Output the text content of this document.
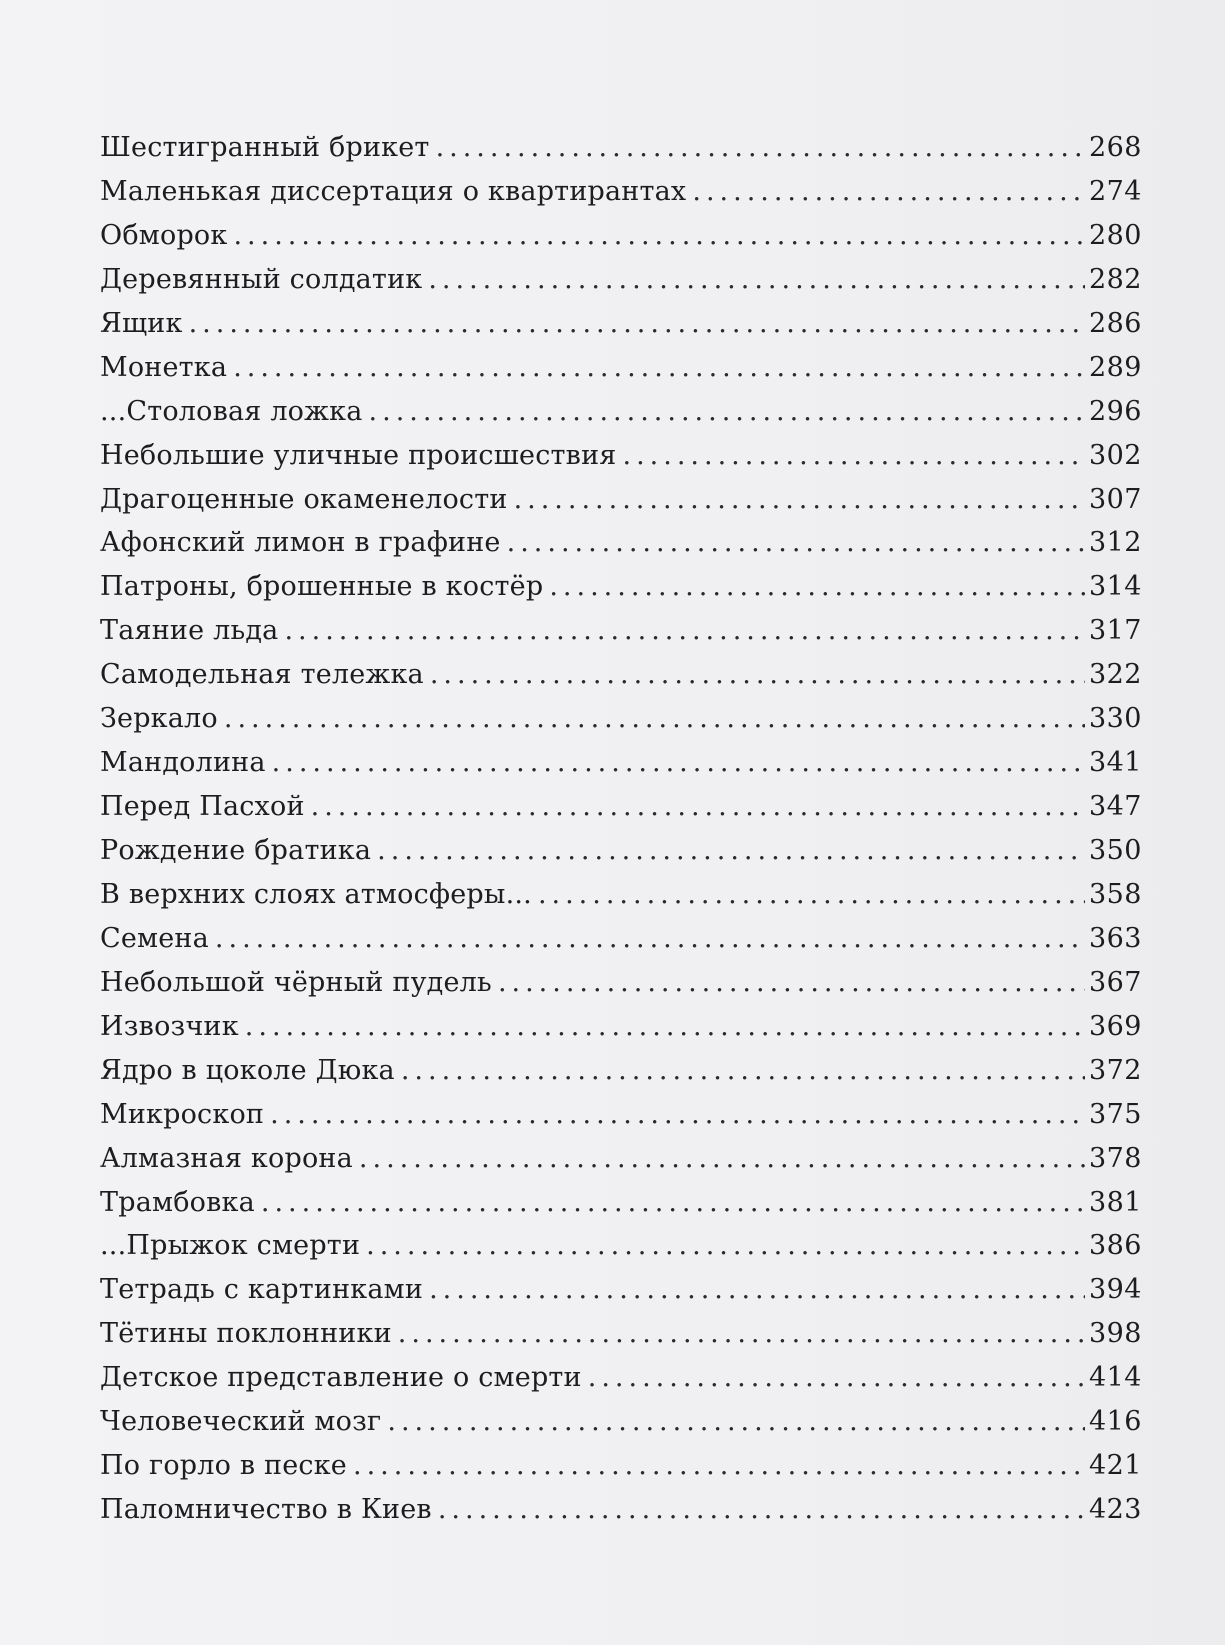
Шестигранный брикет .....	268
Маленькая диссертация о квартирантах .....	274
Обморок .....	280
Деревянный солдатик .....	282
Ящик .....	286
Монетка .....	289
...Столовая ложка .....	296
Небольшие уличные происшествия .....	302
Драгоценные окаменелости .....	307
Афонский лимон в графине .....	312
Патроны, брошенные в костёр .....	314
Таяние льда .....	317
Самодельная тележка .....	322
Зеркало .....	330
Мандолина .....	341
Перед Пасхой .....	347
Рождение братика .....	350
В верхних слоях атмосферы... .....	358
Семена .....	363
Небольшой чёрный пудель .....	367
Извозчик .....	369
Ядро в цоколе Дюка .....	372
Микроскоп .....	375
Алмазная корона .....	378
Трамбовка .....	381
...Прыжок смерти .....	386
Тетрадь с картинками .....	394
Тётины поклонники .....	398
Детское представление о смерти .....	414
Человеческий мозг .....	416
По горло в песке .....	421
Паломничество в Киев .....	423
